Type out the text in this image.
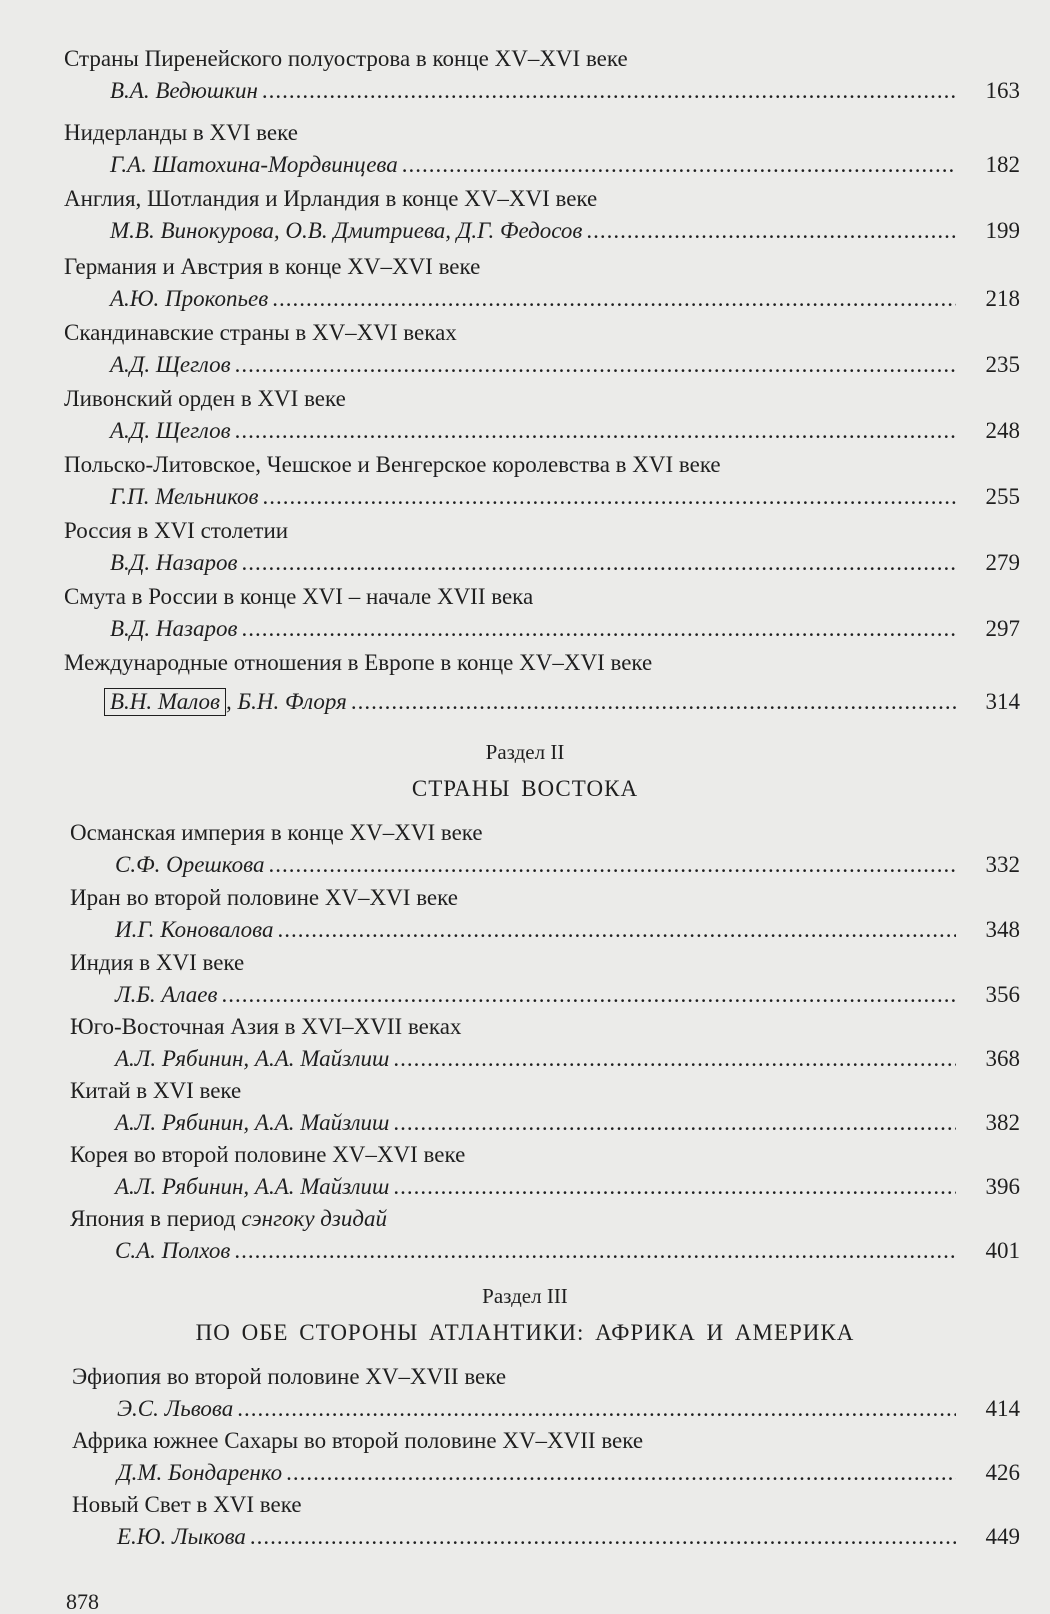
Страны Пиренейского полуострова в конце XV–XVI веке
В.А. Ведюшкин .....	163
Нидерланды в XVI веке
Г.А. Шатохина-Мордвинцева .....	182
Англия, Шотландия и Ирландия в конце XV–XVI веке
М.В. Винокурова, О.В. Дмитриева, Д.Г. Федосов .....	199
Германия и Австрия в конце XV–XVI веке
А.Ю. Прокопьев .....	218
Скандинавские страны в XV–XVI веках
А.Д. Щеглов .....	235
Ливонский орден в XVI веке
А.Д. Щеглов .....	248
Польско-Литовское, Чешское и Венгерское королевства в XVI веке
Г.П. Мельников .....	255
Россия в XVI столетии
В.Д. Назаров .....	279
Смута в России в конце XVI – начале XVII века
В.Д. Назаров .....	297
Международные отношения в Европе в конце XV–XVI веке
В.Н. Малов , Б.Н. Флоря .....	314
Раздел II
СТРАНЫ ВОСТОКА
Османская империя в конце XV–XVI веке
С.Ф. Орешкова .....	332
Иран во второй половине XV–XVI веке
И.Г. Коновалова .....	348
Индия в XVI веке
Л.Б. Алаев .....	356
Юго-Восточная Азия в XVI–XVII веках
А.Л. Рябинин, А.А. Майзлиш .....	368
Китай в XVI веке
А.Л. Рябинин, А.А. Майзлиш .....	382
Корея во второй половине XV–XVI веке
А.Л. Рябинин, А.А. Майзлиш .....	396
Япония в период сэнгоку дзидай
С.А. Полхов .....	401
Раздел III
ПО ОБЕ СТОРОНЫ АТЛАНТИКИ: АФРИКА И АМЕРИКА
Эфиопия во второй половине XV–XVII веке
Э.С. Львова .....	414
Африка южнее Сахары во второй половине XV–XVII веке
Д.М. Бондаренко .....	426
Новый Свет в XVI веке
Е.Ю. Лыкова .....	449
878
